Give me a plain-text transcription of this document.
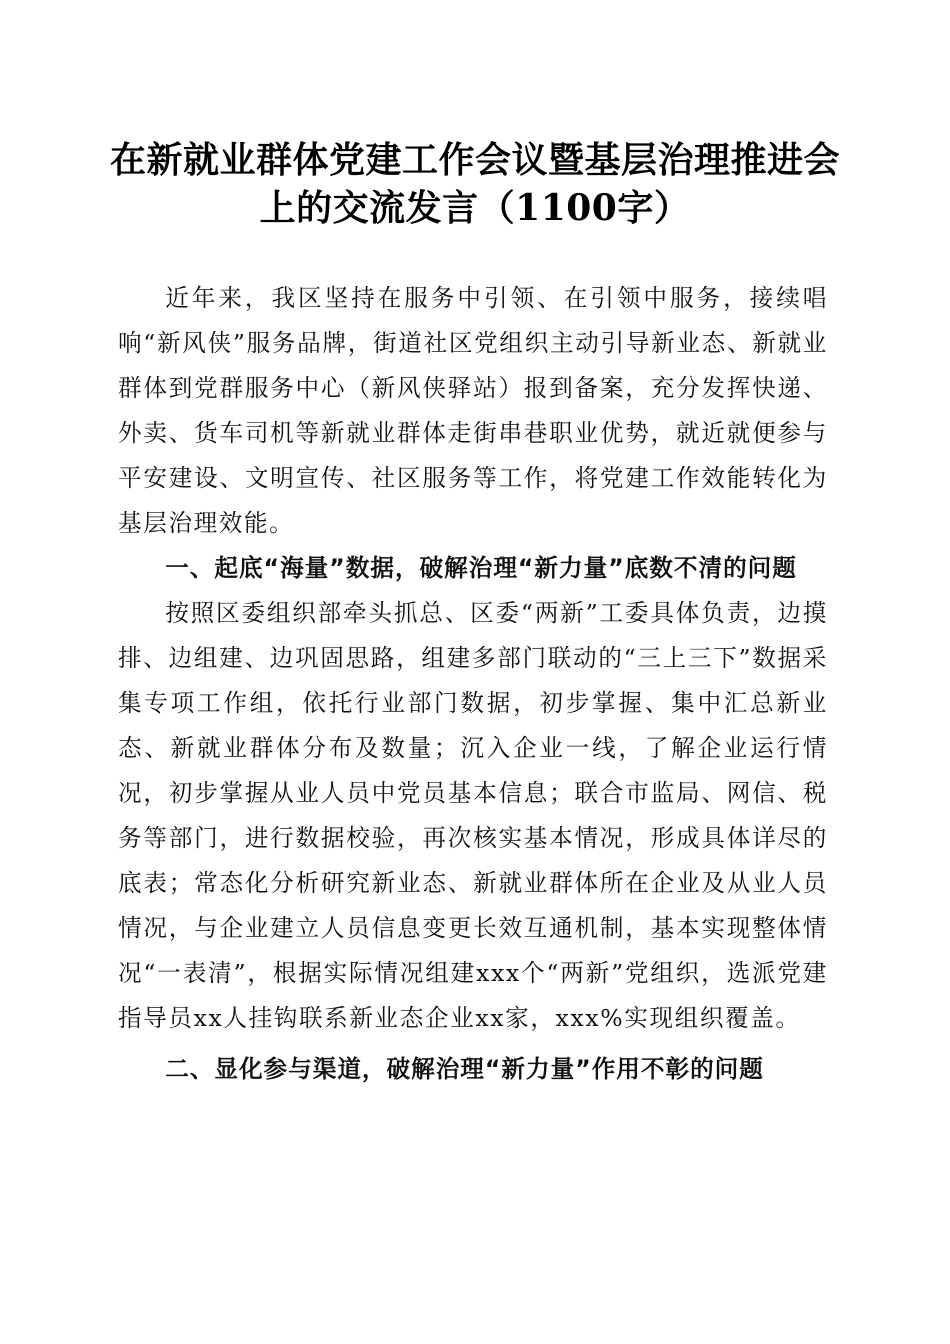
在新就业群体党建工作会议暨基层治理推进会
上的交流发言（1100字）

近年来，我区坚持在服务中引领、在引领中服务，接续唱响“新风侠”服务品牌，街道社区党组织主动引导新业态、新就业群体到党群服务中心（新风侠驿站）报到备案，充分发挥快递、外卖、货车司机等新就业群体走街串巷职业优势，就近就便参与平安建设、文明宣传、社区服务等工作，将党建工作效能转化为基层治理效能。

一、起底“海量”数据，破解治理“新力量”底数不清的问题

按照区委组织部牵头抓总、区委“两新”工委具体负责，边摸排、边组建、边巩固思路，组建多部门联动的“三上三下”数据采集专项工作组，依托行业部门数据，初步掌握、集中汇总新业态、新就业群体分布及数量；沉入企业一线，了解企业运行情况，初步掌握从业人员中党员基本信息；联合市监局、网信、税务等部门，进行数据校验，再次核实基本情况，形成具体详尽的底表；常态化分析研究新业态、新就业群体所在企业及从业人员情况，与企业建立人员信息变更长效互通机制，基本实现整体情况“一表清”，根据实际情况组建xxx个“两新”党组织，选派党建指导员xx人挂钩联系新业态企业xx家，xxx%实现组织覆盖。

二、显化参与渠道，破解治理“新力量”作用不彰的问题
